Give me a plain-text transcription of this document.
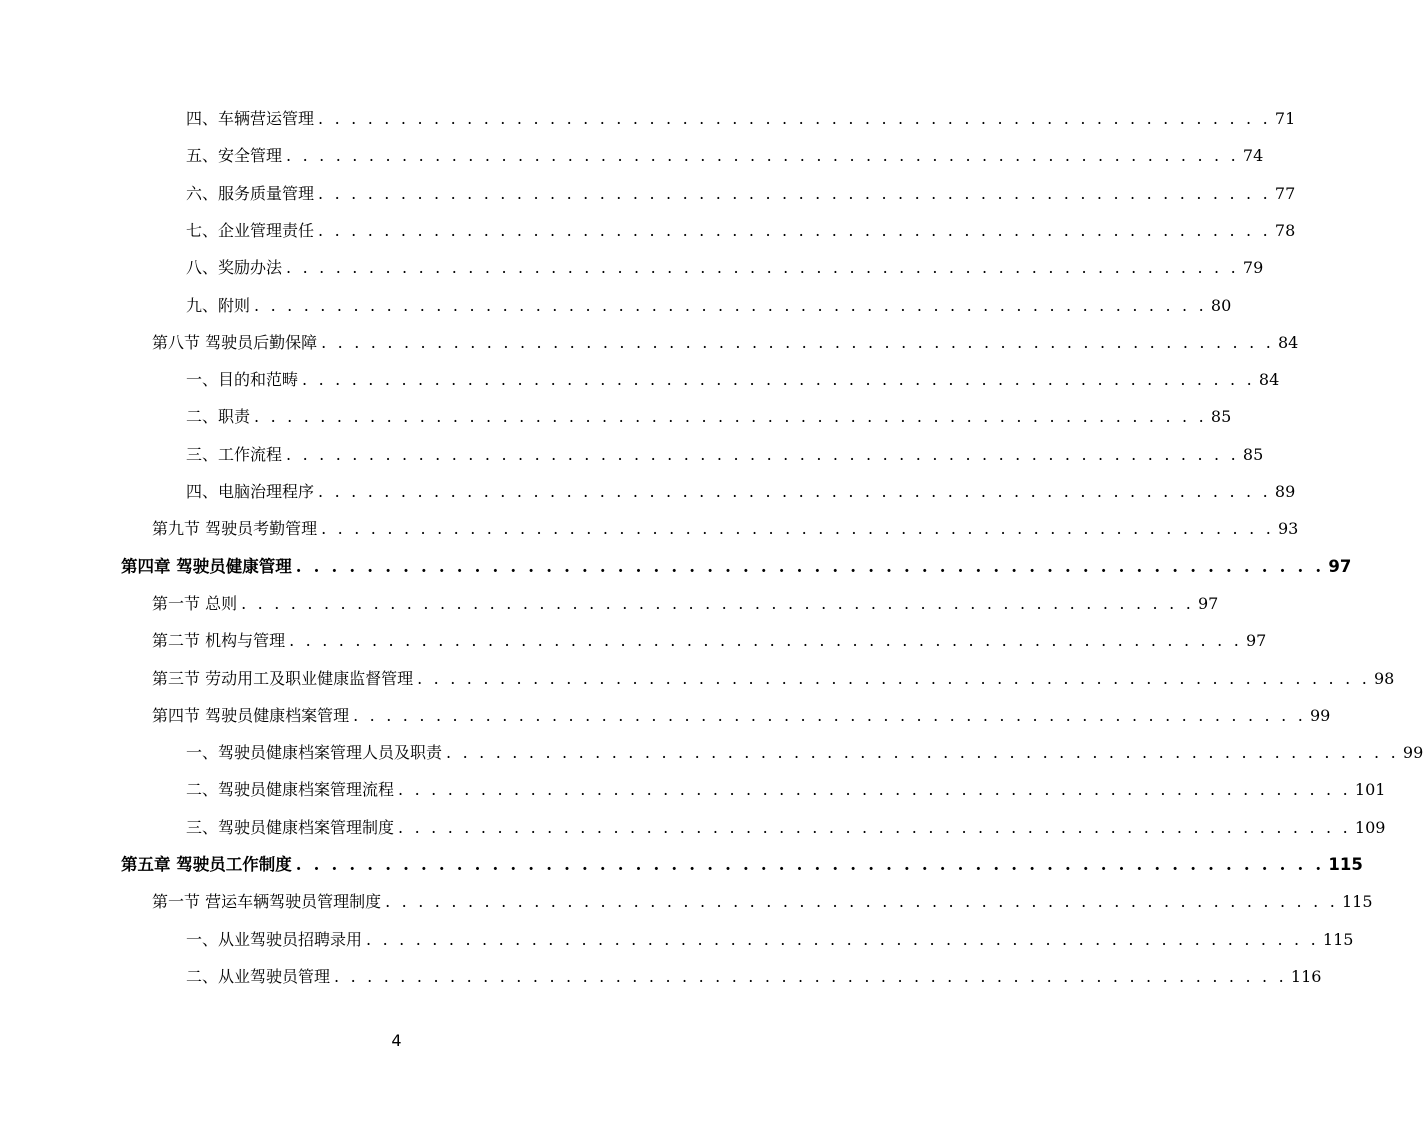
四、车辆营运管理 . . . . . . . . . . . . . . . . . . . . . . . . . . . . . . . . . . . . . . . . . . . . . . . . . . . . . . . . . . 71
五、安全管理 . . . . . . . . . . . . . . . . . . . . . . . . . . . . . . . . . . . . . . . . . . . . . . . . . . . . . . . . . . 74
六、服务质量管理 . . . . . . . . . . . . . . . . . . . . . . . . . . . . . . . . . . . . . . . . . . . . . . . . . . . . . . . . . . 77
七、企业管理责任 . . . . . . . . . . . . . . . . . . . . . . . . . . . . . . . . . . . . . . . . . . . . . . . . . . . . . . . . . . 78
八、奖励办法 . . . . . . . . . . . . . . . . . . . . . . . . . . . . . . . . . . . . . . . . . . . . . . . . . . . . . . . . . . 79
九、附则 . . . . . . . . . . . . . . . . . . . . . . . . . . . . . . . . . . . . . . . . . . . . . . . . . . . . . . . . . . 80
第八节 驾驶员后勤保障 . . . . . . . . . . . . . . . . . . . . . . . . . . . . . . . . . . . . . . . . . . . . . . . . . . . . . . . . . . 84
一、目的和范畴 . . . . . . . . . . . . . . . . . . . . . . . . . . . . . . . . . . . . . . . . . . . . . . . . . . . . . . . . . . 84
二、职责 . . . . . . . . . . . . . . . . . . . . . . . . . . . . . . . . . . . . . . . . . . . . . . . . . . . . . . . . . . 85
三、工作流程 . . . . . . . . . . . . . . . . . . . . . . . . . . . . . . . . . . . . . . . . . . . . . . . . . . . . . . . . . . 85
四、电脑治理程序 . . . . . . . . . . . . . . . . . . . . . . . . . . . . . . . . . . . . . . . . . . . . . . . . . . . . . . . . . . 89
第九节 驾驶员考勤管理 . . . . . . . . . . . . . . . . . . . . . . . . . . . . . . . . . . . . . . . . . . . . . . . . . . . . . . . . . . 93
第四章 驾驶员健康管理 . . . . . . . . . . . . . . . . . . . . . . . . . . . . . . . . . . . . . . . . . . . . . . . . . . . . . . . . . . 97
第一节 总则 . . . . . . . . . . . . . . . . . . . . . . . . . . . . . . . . . . . . . . . . . . . . . . . . . . . . . . . . . . 97
第二节 机构与管理 . . . . . . . . . . . . . . . . . . . . . . . . . . . . . . . . . . . . . . . . . . . . . . . . . . . . . . . . . . 97
第三节 劳动用工及职业健康监督管理 . . . . . . . . . . . . . . . . . . . . . . . . . . . . . . . . . . . . . . . . . . . . . . . . . . . . . . . . . . 98
第四节 驾驶员健康档案管理 . . . . . . . . . . . . . . . . . . . . . . . . . . . . . . . . . . . . . . . . . . . . . . . . . . . . . . . . . . 99
一、驾驶员健康档案管理人员及职责 . . . . . . . . . . . . . . . . . . . . . . . . . . . . . . . . . . . . . . . . . . . . . . . . . . . . . . . . . . 99
二、驾驶员健康档案管理流程 . . . . . . . . . . . . . . . . . . . . . . . . . . . . . . . . . . . . . . . . . . . . . . . . . . . . . . . . . . 101
三、驾驶员健康档案管理制度 . . . . . . . . . . . . . . . . . . . . . . . . . . . . . . . . . . . . . . . . . . . . . . . . . . . . . . . . . . 109
第五章 驾驶员工作制度 . . . . . . . . . . . . . . . . . . . . . . . . . . . . . . . . . . . . . . . . . . . . . . . . . . . . . . . . . . 115
第一节 营运车辆驾驶员管理制度 . . . . . . . . . . . . . . . . . . . . . . . . . . . . . . . . . . . . . . . . . . . . . . . . . . . . . . . . . . 115
一、从业驾驶员招聘录用 . . . . . . . . . . . . . . . . . . . . . . . . . . . . . . . . . . . . . . . . . . . . . . . . . . . . . . . . . . 115
二、从业驾驶员管理 . . . . . . . . . . . . . . . . . . . . . . . . . . . . . . . . . . . . . . . . . . . . . . . . . . . . . . . . . . 116
4
